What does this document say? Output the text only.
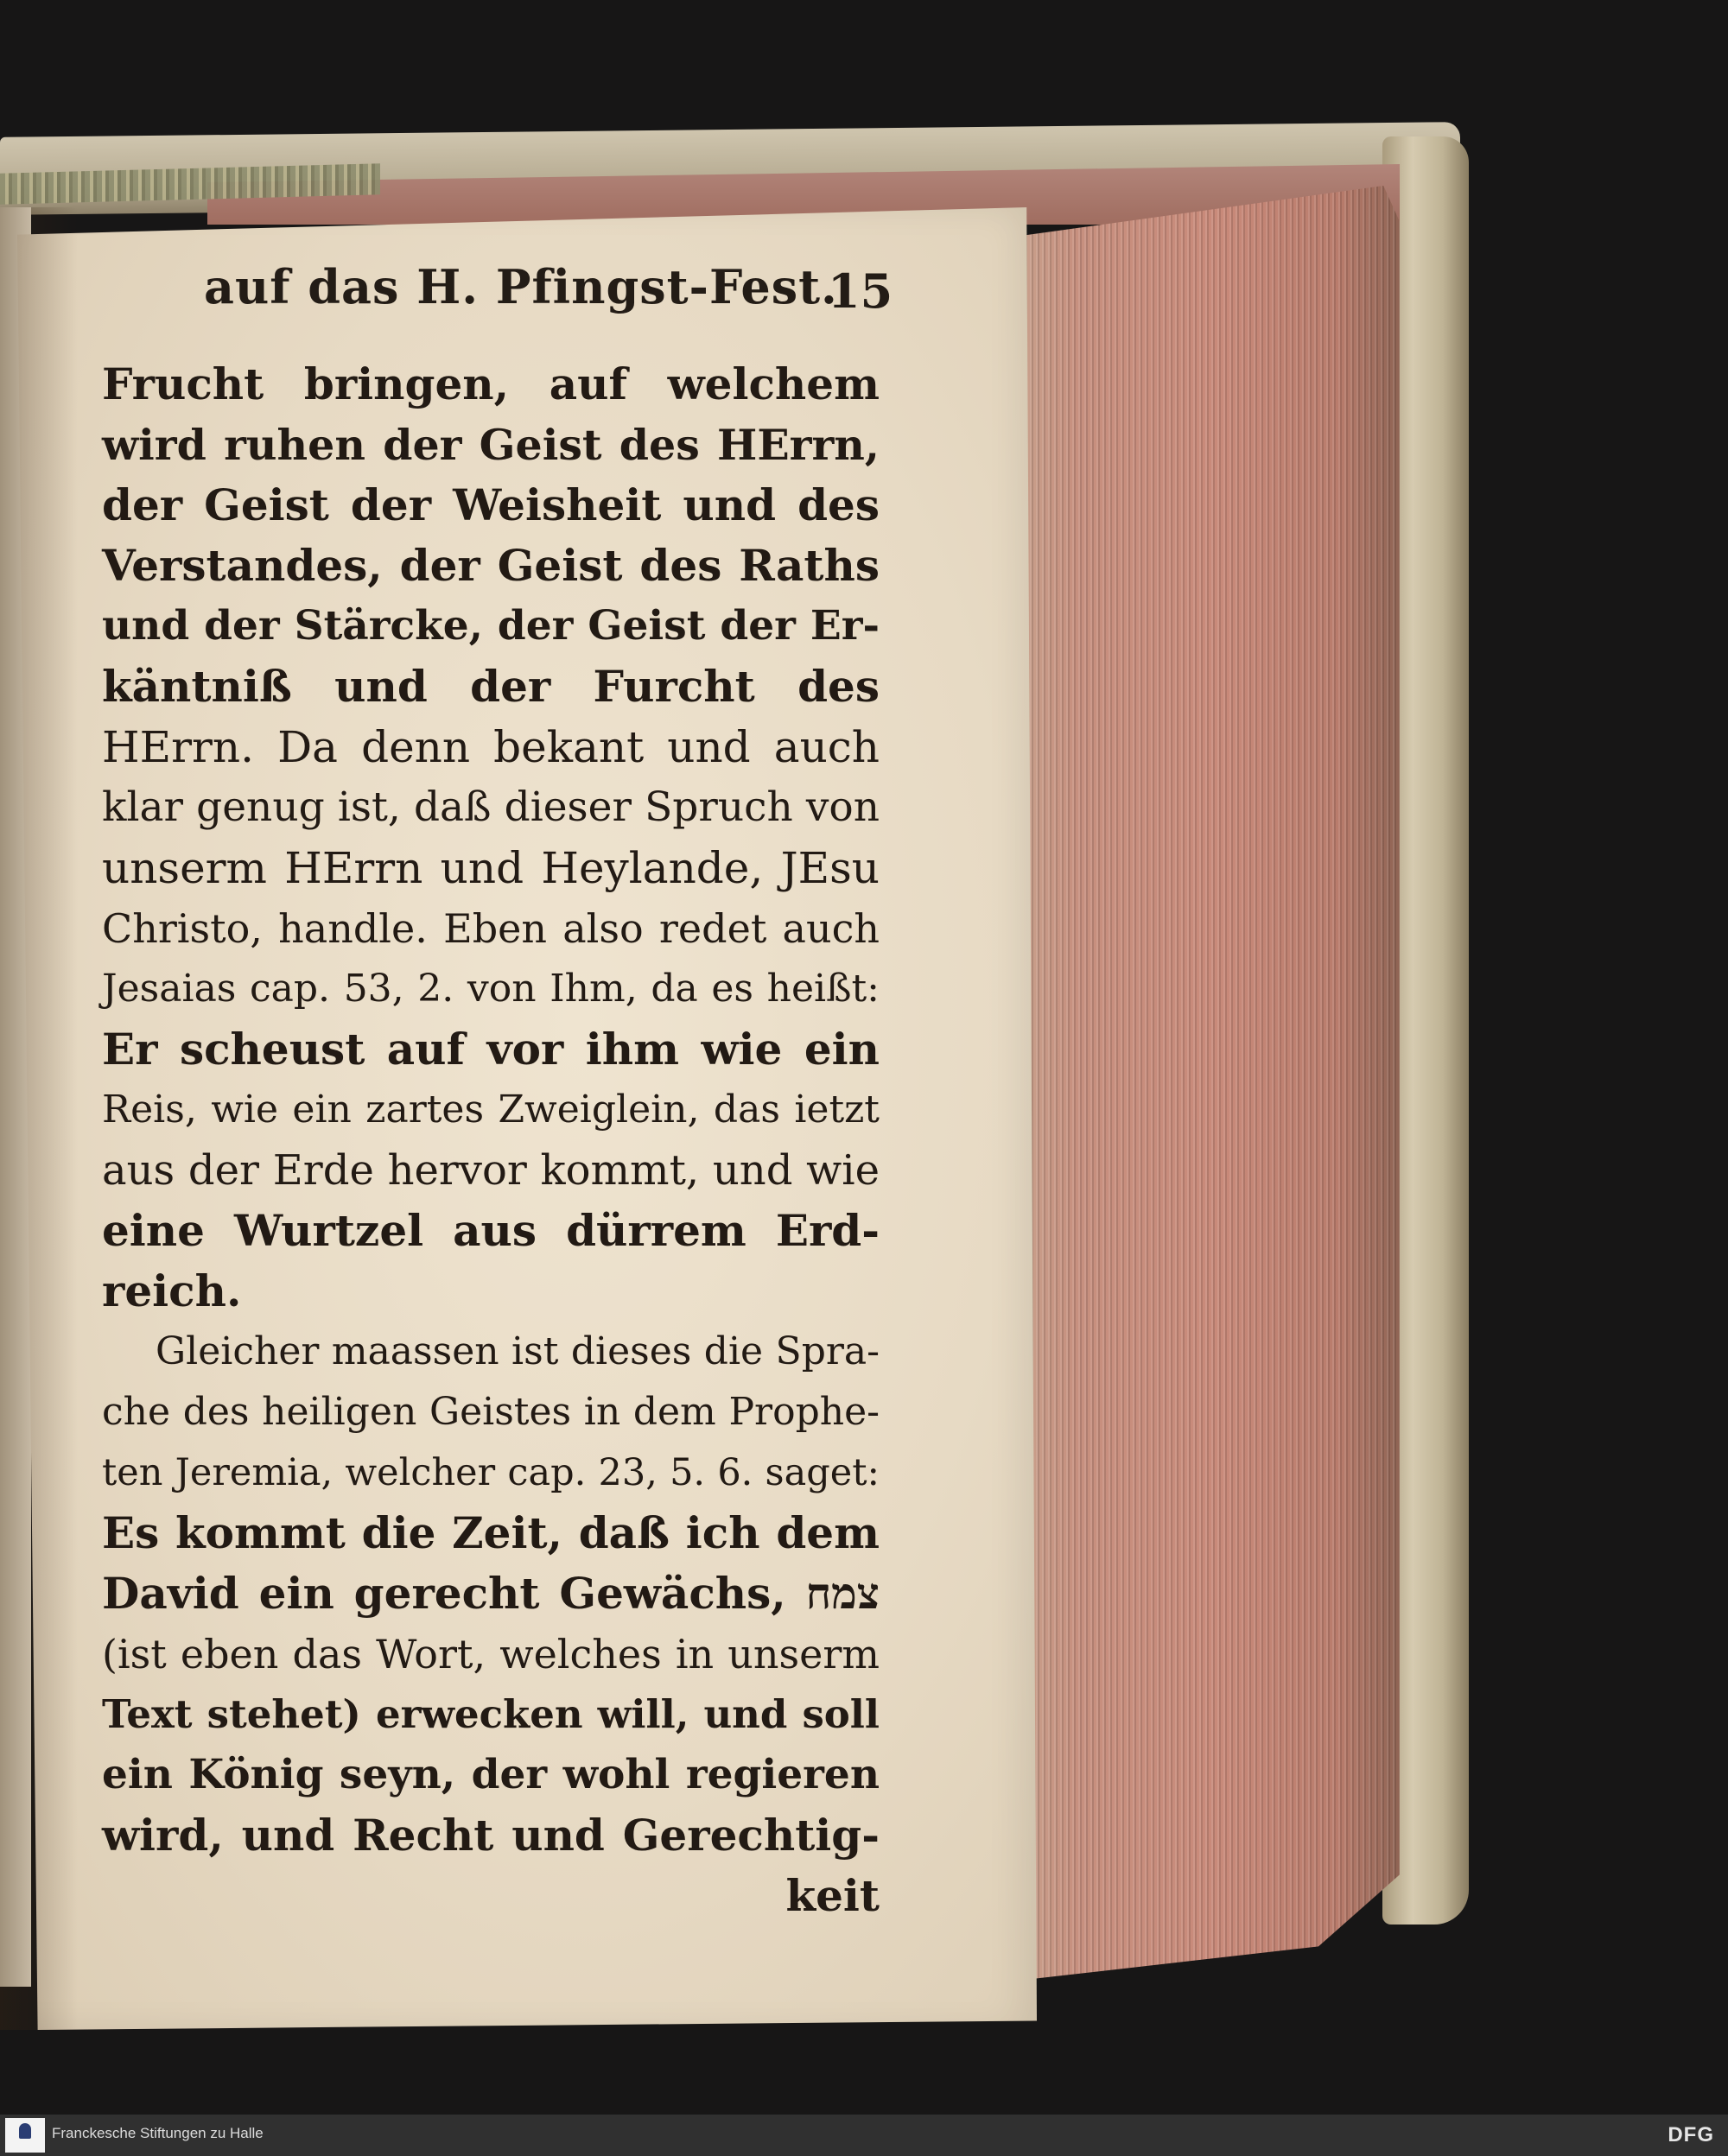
auf das H. Pfingst-Fest.
15
Frucht bringen, auf welchem
wird ruhen der Geist des HErrn,
der Geist der Weisheit und des
Verstandes, der Geist des Raths
und der Stärcke, der Geist der Er-
käntniß und der Furcht des
HErrn. Da denn bekant und auch
klar genug ist, daß dieser Spruch von
unserm HErrn und Heylande, JEsu
Christo, handle. Eben also redet auch
Jesaias cap. 53, 2. von Ihm, da es heißt:
Er scheust auf vor ihm wie ein
Reis, wie ein zartes Zweiglein, das ietzt
aus der Erde hervor kommt, und wie
eine Wurtzel aus dürrem Erd-
reich.
Gleicher maassen ist dieses die Spra-
che des heiligen Geistes in dem Prophe-
ten Jeremia, welcher cap. 23, 5. 6. saget:
Es kommt die Zeit, daß ich dem
David ein gerecht Gewächs, צמח
(ist eben das Wort, welches in unserm
Text stehet) erwecken will, und soll
ein König seyn, der wohl regieren
wird, und Recht und Gerechtig-
keit
Franckesche Stiftungen zu Halle	DFG
